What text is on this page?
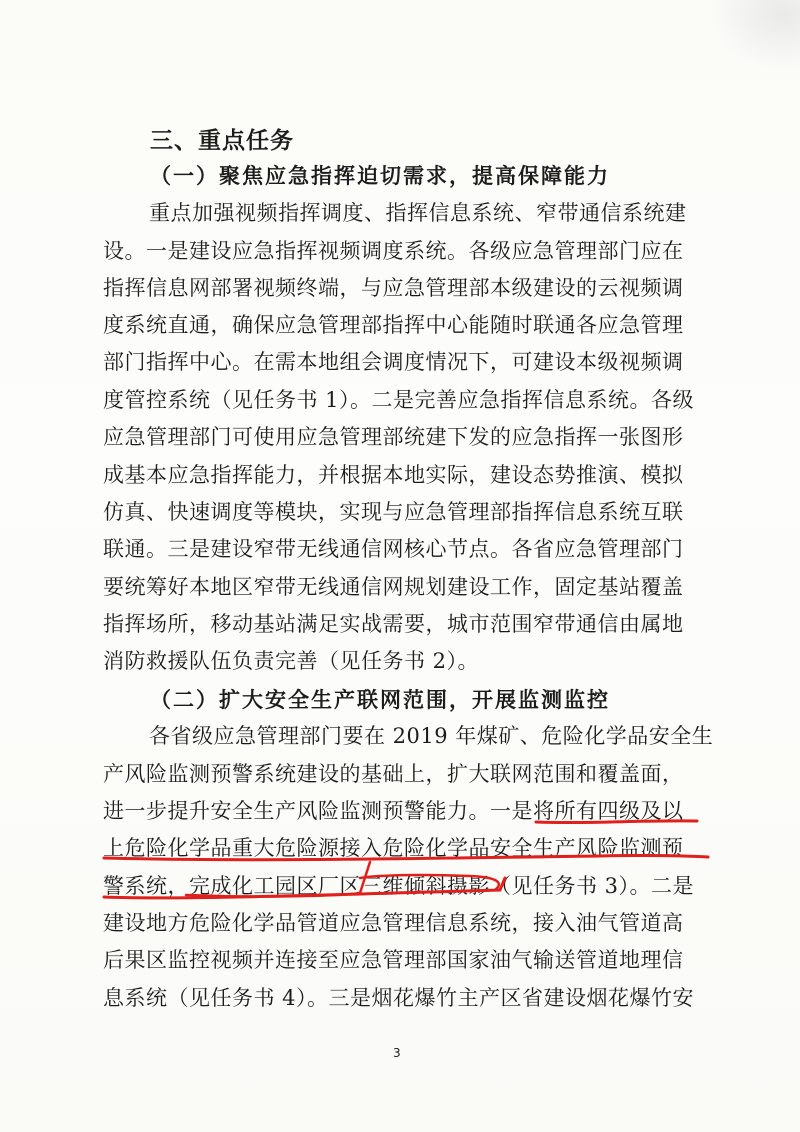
三、重点任务
（一）聚焦应急指挥迫切需求，提高保障能力
重点加强视频指挥调度、指挥信息系统、窄带通信系统建
设。一是建设应急指挥视频调度系统。各级应急管理部门应在
指挥信息网部署视频终端，与应急管理部本级建设的云视频调
度系统直通，确保应急管理部指挥中心能随时联通各应急管理
部门指挥中心。在需本地组会调度情况下，可建设本级视频调
度管控系统（见任务书 1）。二是完善应急指挥信息系统。各级
应急管理部门可使用应急管理部统建下发的应急指挥一张图形
成基本应急指挥能力，并根据本地实际，建设态势推演、模拟
仿真、快速调度等模块，实现与应急管理部指挥信息系统互联
联通。三是建设窄带无线通信网核心节点。各省应急管理部门
要统筹好本地区窄带无线通信网规划建设工作，固定基站覆盖
指挥场所，移动基站满足实战需要，城市范围窄带通信由属地
消防救援队伍负责完善（见任务书 2）。
（二）扩大安全生产联网范围，开展监测监控
各省级应急管理部门要在 2019 年煤矿、危险化学品安全生
产风险监测预警系统建设的基础上，扩大联网范围和覆盖面，
进一步提升安全生产风险监测预警能力。一是将所有四级及以
上危险化学品重大危险源接入危险化学品安全生产风险监测预
警系统，完成化工园区厂区三维倾斜摄影（见任务书 3）。二是
建设地方危险化学品管道应急管理信息系统，接入油气管道高
后果区监控视频并连接至应急管理部国家油气输送管道地理信
息系统（见任务书 4）。三是烟花爆竹主产区省建设烟花爆竹安
3
